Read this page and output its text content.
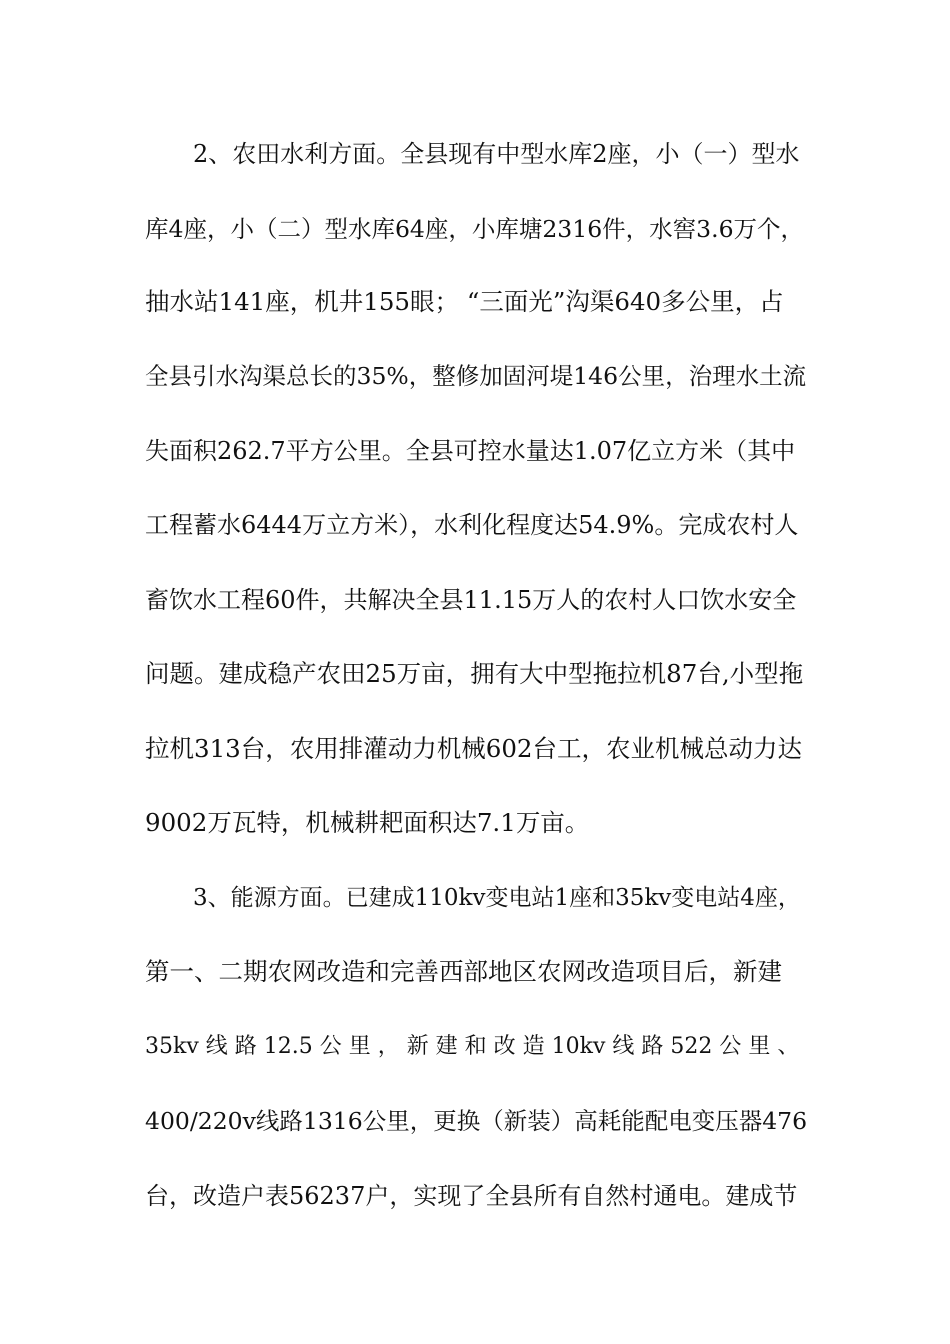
2、农田水利方面。全县现有中型水库2座，小（一）型水

库4座，小（二）型水库64座，小库塘2316件，水窖3.6万个，

抽水站141座，机井155眼； “三面光”沟渠640多公里，占

全县引水沟渠总长的35%，整修加固河堤146公里，治理水土流

失面积262.7平方公里。全县可控水量达1.07亿立方米（其中

工程蓄水6444万立方米），水利化程度达54.9%。完成农村人

畜饮水工程60件，共解决全县11.15万人的农村人口饮水安全

问题。建成稳产农田25万亩，拥有大中型拖拉机87台,小型拖

拉机313台，农用排灌动力机械602台工，农业机械总动力达

9002万瓦特，机械耕耙面积达7.1万亩。

3、能源方面。已建成110kv变电站1座和35kv变电站4座，

第一、二期农网改造和完善西部地区农网改造项目后，新建

35kv 线 路 12.5 公 里 ， 新 建 和 改 造 10kv 线 路 522 公 里 、

400/220v线路1316公里，更换（新装）高耗能配电变压器476

台，改造户表56237户，实现了全县所有自然村通电。建成节
